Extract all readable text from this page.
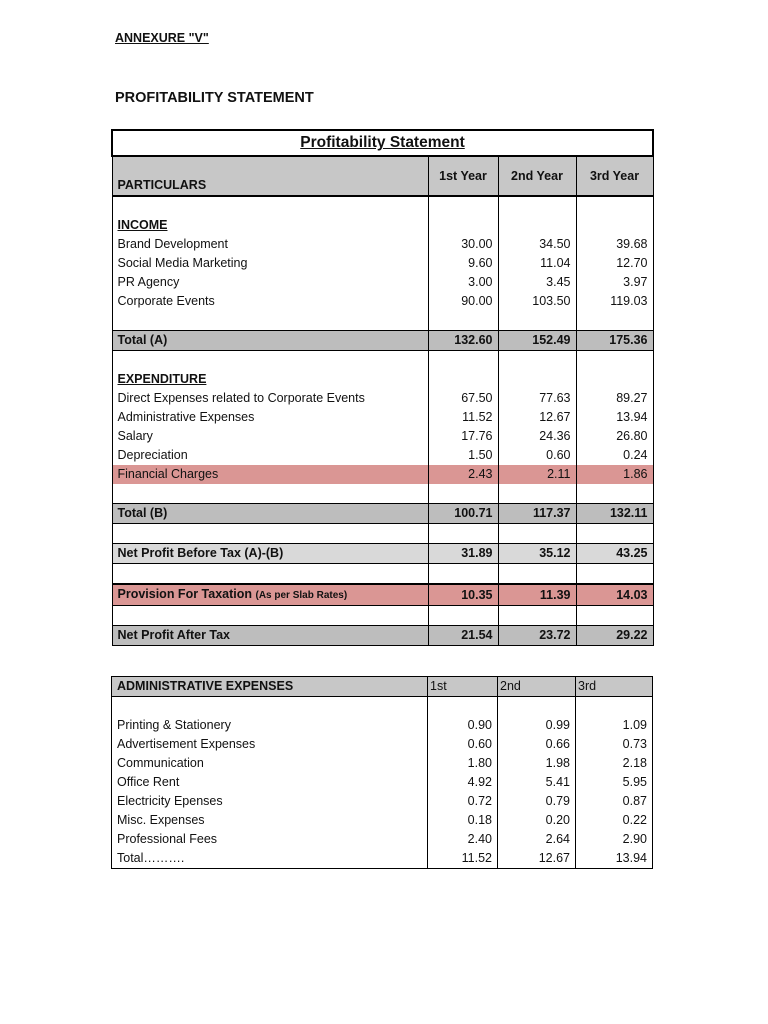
ANNEXURE "V"
PROFITABILITY STATEMENT
Profitability Statement			
PARTICULARS	1st Year	2nd Year	3rd Year

INCOME			
Brand Development	30.00	34.50	39.68
Social Media Marketing	9.60	11.04	12.70
PR Agency	3.00	3.45	3.97
Corporate Events	90.00	103.50	119.03

Total (A)	132.60	152.49	175.36

EXPENDITURE			
Direct Expenses related to Corporate Events	67.50	77.63	89.27
Administrative Expenses	11.52	12.67	13.94
Salary	17.76	24.36	26.80
Depreciation	1.50	0.60	0.24
Financial Charges	2.43	2.11	1.86

Total (B)	100.71	117.37	132.11

Net Profit Before Tax (A)-(B)	31.89	35.12	43.25

Provision For Taxation (As per Slab Rates)	10.35	11.39	14.03

Net Profit After Tax	21.54	23.72	29.22
ADMINISTRATIVE EXPENSES	1st	2nd	3rd

Printing & Stationery	0.90	0.99	1.09
Advertisement Expenses	0.60	0.66	0.73
Communication	1.80	1.98	2.18
Office Rent	4.92	5.41	5.95
Electricity Epenses	0.72	0.79	0.87
Misc. Expenses	0.18	0.20	0.22
Professional Fees	2.40	2.64	2.90
Total……….	11.52	12.67	13.94
